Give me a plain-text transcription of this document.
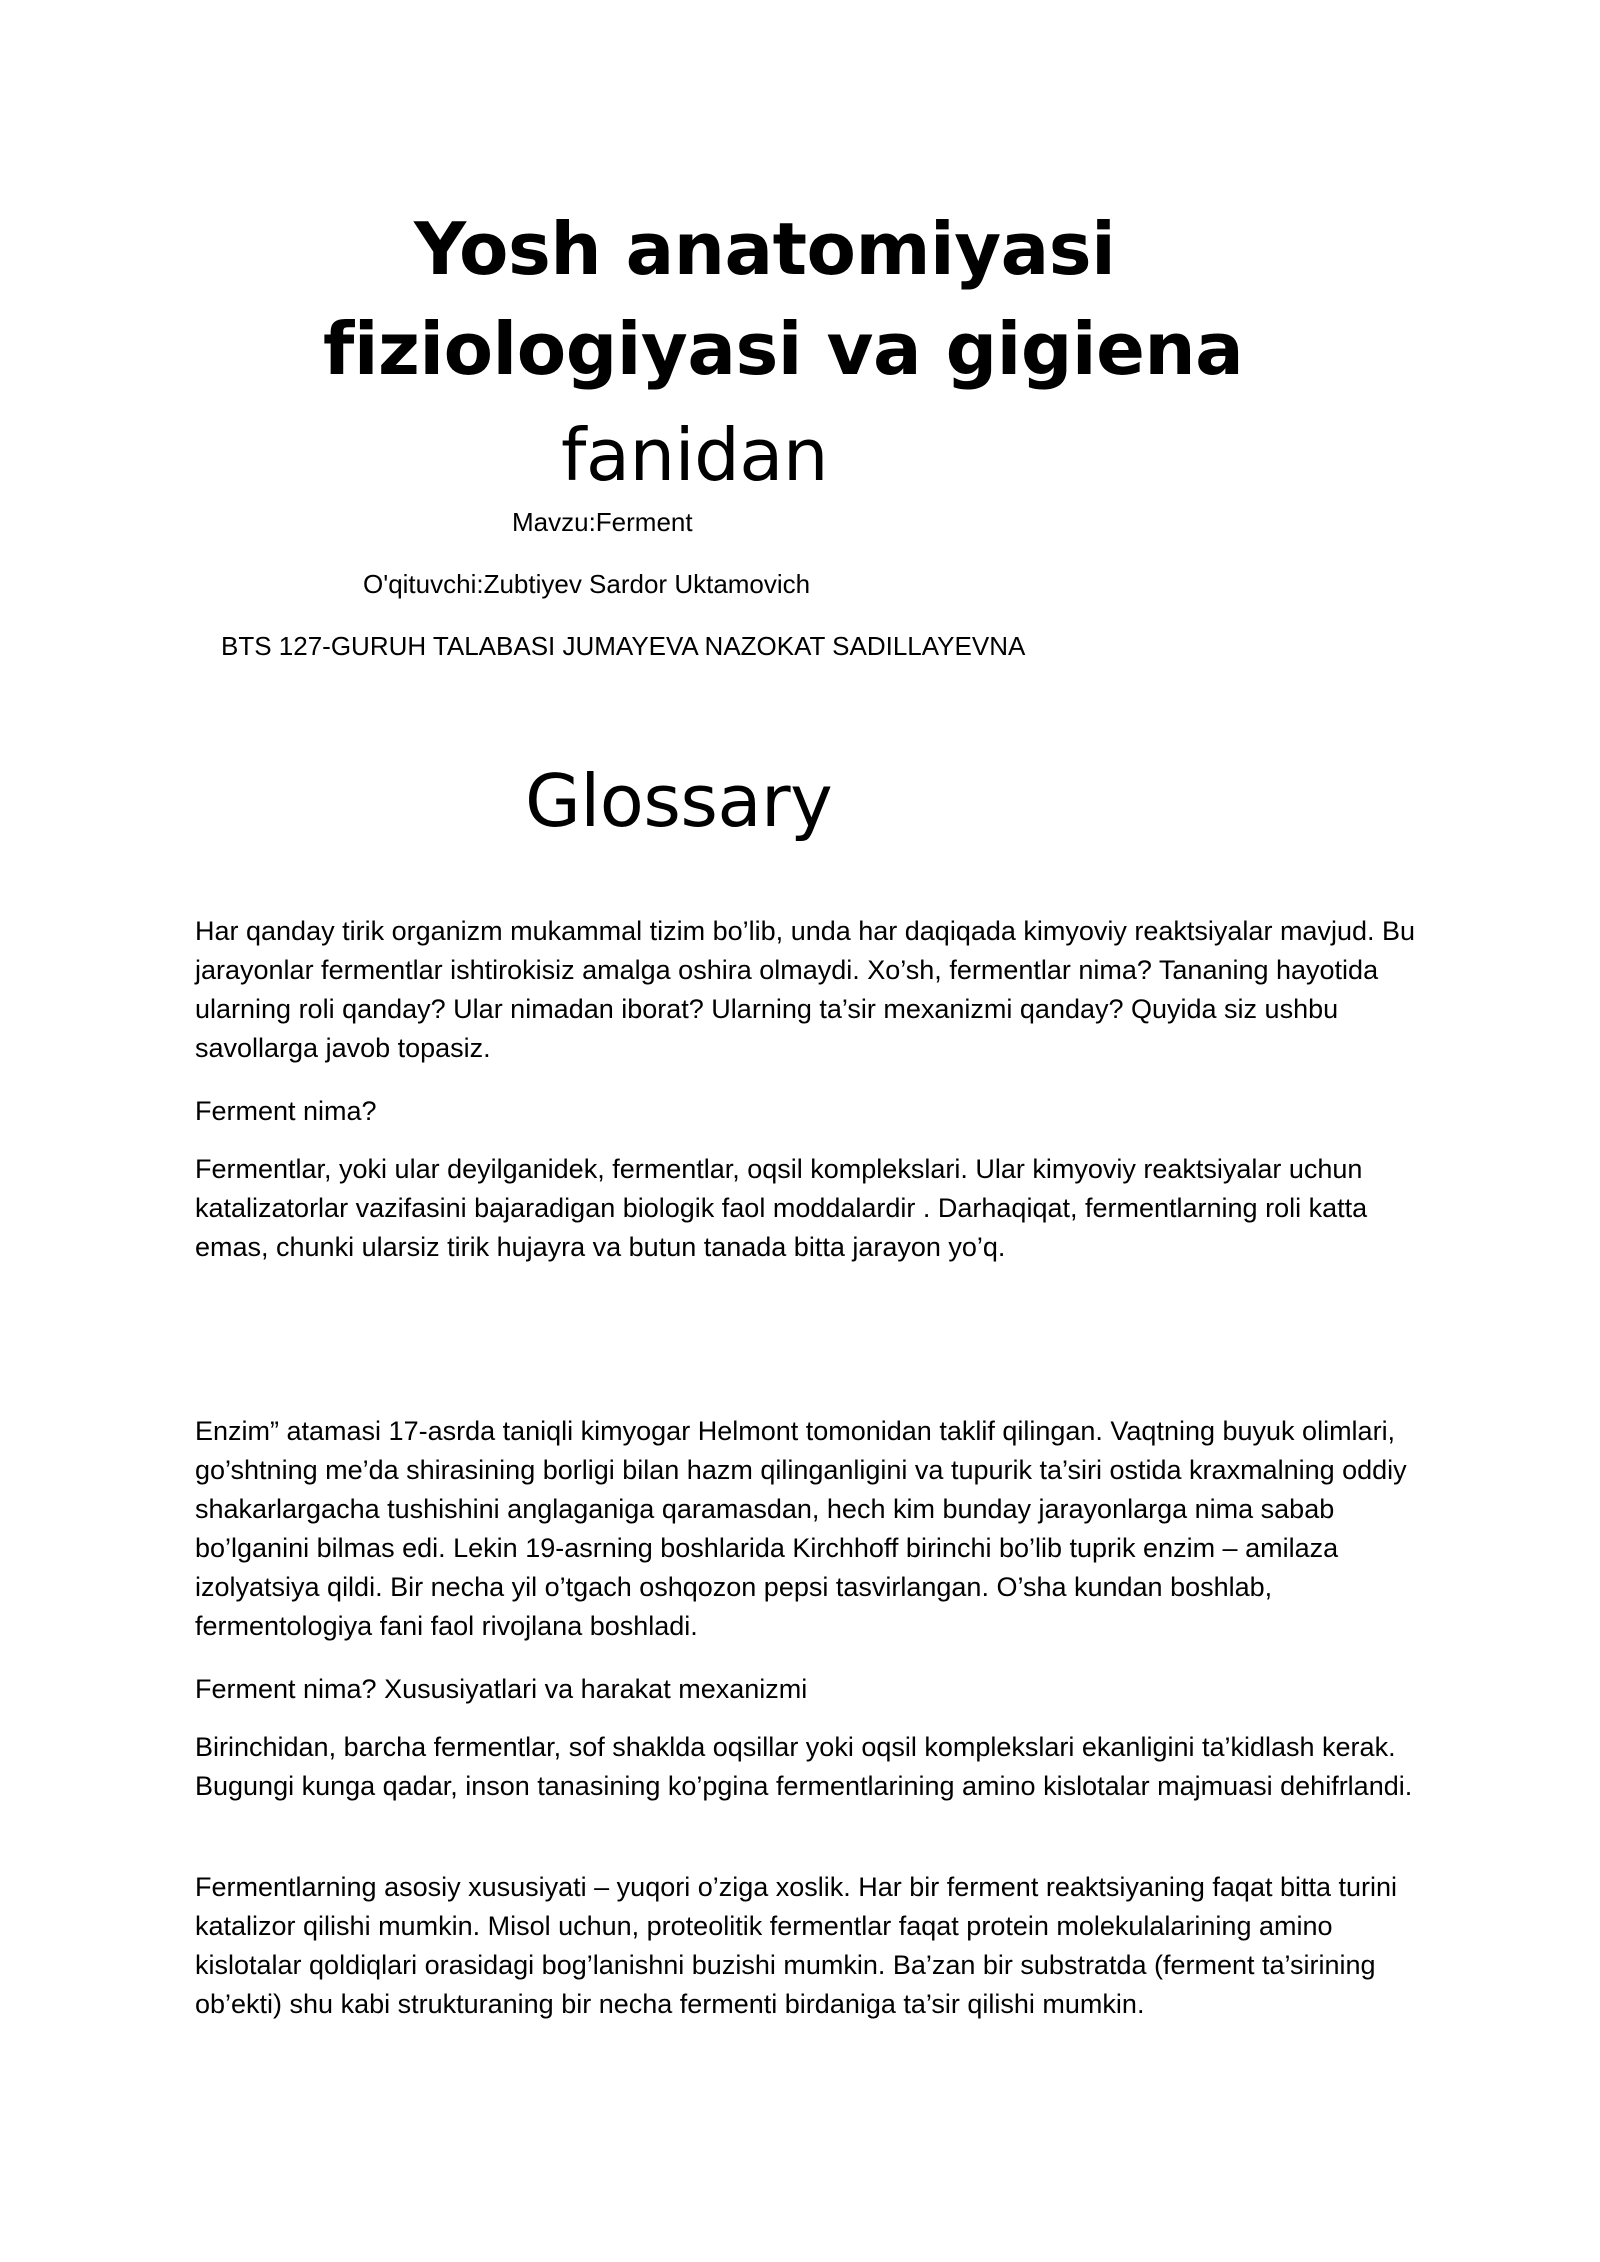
Yosh anatomiyasi
fiziologiyasi va gigiena
fanidan
Mavzu:Ferment
O'qituvchi:Zubtiyev Sardor Uktamovich
BTS 127-GURUH TALABASI JUMAYEVA NAZOKAT SADILLAYEVNA
Glossary

Har qanday tirik organizm mukammal tizim bo’lib, unda har daqiqada kimyoviy reaktsiyalar mavjud. Bu jarayonlar fermentlar ishtirokisiz amalga oshira olmaydi. Xo’sh, fermentlar nima? Tananing hayotida ularning roli qanday? Ular nimadan iborat? Ularning ta’sir mexanizmi qanday? Quyida siz ushbu savollarga javob topasiz.

Ferment nima?

Fermentlar, yoki ular deyilganidek, fermentlar, oqsil komplekslari. Ular kimyoviy reaktsiyalar uchun katalizatorlar vazifasini bajaradigan biologik faol moddalardir . Darhaqiqat, fermentlarning roli katta emas, chunki ularsiz tirik hujayra va butun tanada bitta jarayon yo’q.

Enzim” atamasi 17-asrda taniqli kimyogar Helmont tomonidan taklif qilingan. Vaqtning buyuk olimlari, go’shtning me’da shirasining borligi bilan hazm qilinganligini va tupurik ta’siri ostida kraxmalning oddiy shakarlargacha tushishini anglaganiga qaramasdan, hech kim bunday jarayonlarga nima sabab bo’lganini bilmas edi. Lekin 19-asrning boshlarida Kirchhoff birinchi bo’lib tuprik enzim – amilaza izolyatsiya qildi. Bir necha yil o’tgach oshqozon pepsi tasvirlangan. O’sha kundan boshlab, fermentologiya fani faol rivojlana boshladi.

Ferment nima? Xususiyatlari va harakat mexanizmi

Birinchidan, barcha fermentlar, sof shaklda oqsillar yoki oqsil komplekslari ekanligini ta’kidlash kerak. Bugungi kunga qadar, inson tanasining ko’pgina fermentlarining amino kislotalar majmuasi dehifrlandi.

Fermentlarning asosiy xususiyati – yuqori o’ziga xoslik. Har bir ferment reaktsiyaning faqat bitta turini katalizor qilishi mumkin. Misol uchun, proteolitik fermentlar faqat protein molekulalarining amino kislotalar qoldiqlari orasidagi bog’lanishni buzishi mumkin. Ba’zan bir substratda (ferment ta’sirining ob’ekti) shu kabi strukturaning bir necha fermenti birdaniga ta’sir qilishi mumkin.
